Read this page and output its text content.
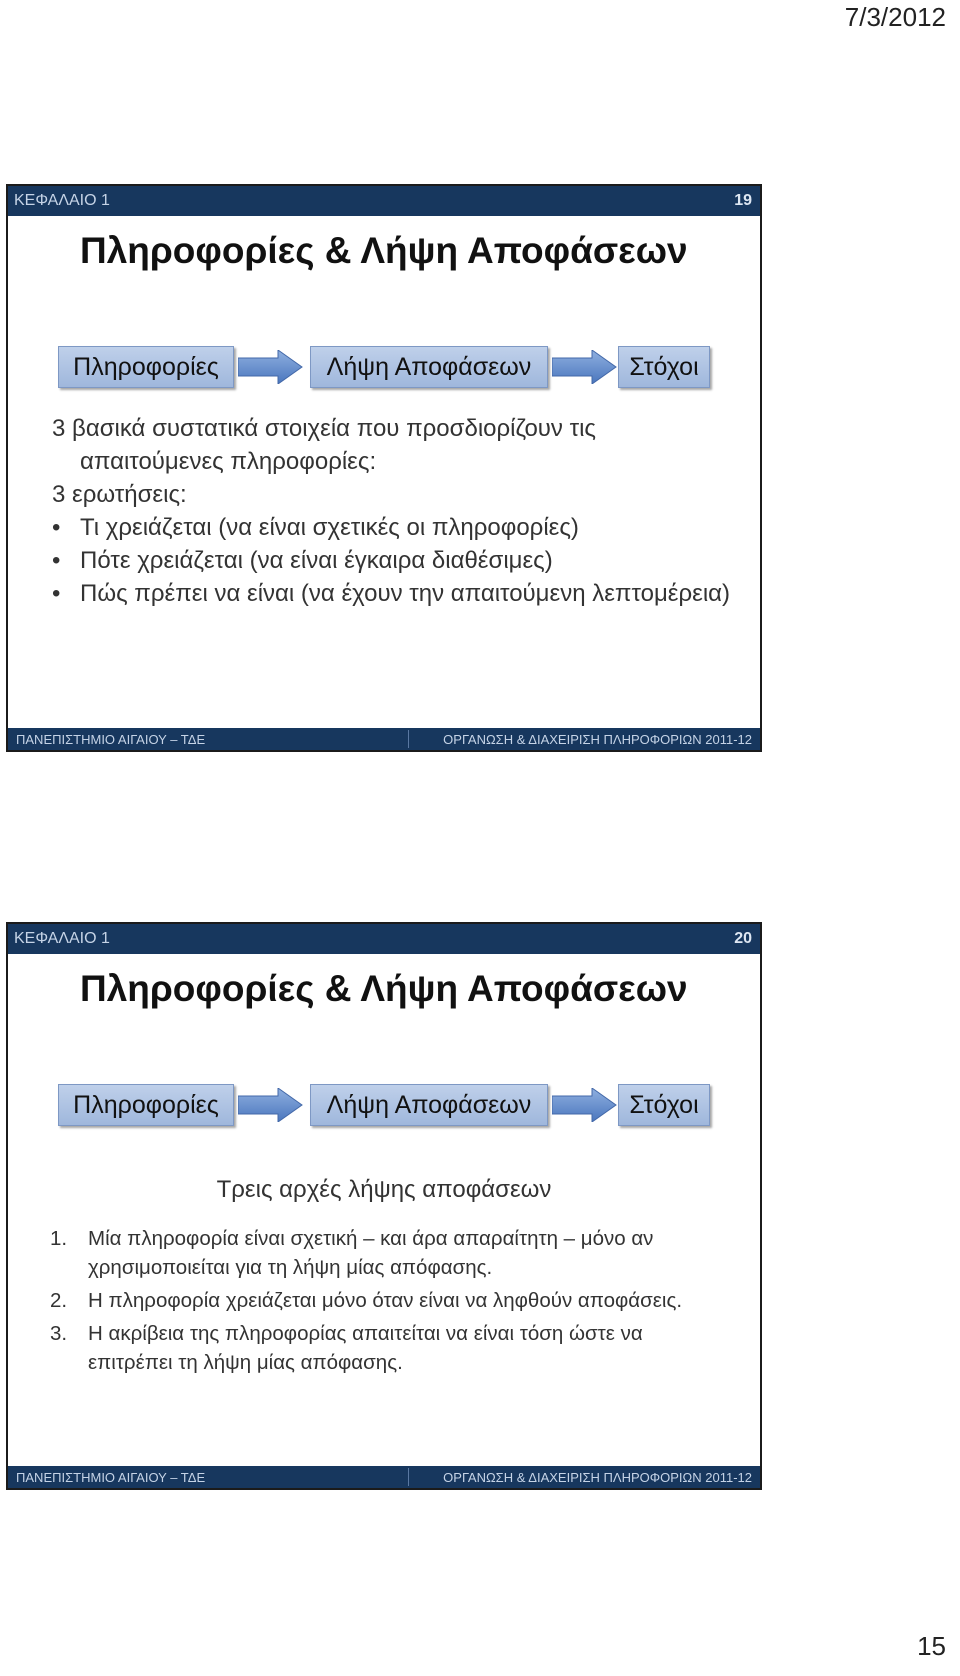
7/3/2012
ΚΕΦΑΛΑΙΟ 1	19
Πληροφορίες & Λήψη Αποφάσεων
Πληροφορίες	Λήψη Αποφάσεων	Στόχοι

3 βασικά συστατικά στοιχεία που προσδιορίζουν τις απαιτούμενες πληροφορίες:

3 ερωτήσεις:

• Τι χρειάζεται (να είναι σχετικές οι πληροφορίες)
• Πότε χρειάζεται (να είναι έγκαιρα διαθέσιμες)
• Πώς πρέπει να είναι (να έχουν την απαιτούμενη λεπτομέρεια)
ΠΑΝΕΠΙΣΤΗΜΙΟ ΑΙΓΑΙΟΥ – ΤΔΕ	ΟΡΓΑΝΩΣΗ & ΔΙΑΧΕΙΡΙΣΗ ΠΛΗΡΟΦΟΡΙΩΝ 2011-12
ΚΕΦΑΛΑΙΟ 1	20
Πληροφορίες & Λήψη Αποφάσεων
Πληροφορίες	Λήψη Αποφάσεων	Στόχοι
Τρεις αρχές λήψης αποφάσεων
1. Μία πληροφορία είναι σχετική – και άρα απαραίτητη – μόνο αν χρησιμοποιείται για τη λήψη μίας απόφασης.
2. Η πληροφορία χρειάζεται μόνο όταν είναι να ληφθούν αποφάσεις.
3. Η ακρίβεια της πληροφορίας απαιτείται να είναι τόση ώστε να επιτρέπει τη λήψη μίας απόφασης.
ΠΑΝΕΠΙΣΤΗΜΙΟ ΑΙΓΑΙΟΥ – ΤΔΕ	ΟΡΓΑΝΩΣΗ & ΔΙΑΧΕΙΡΙΣΗ ΠΛΗΡΟΦΟΡΙΩΝ 2011-12
15
